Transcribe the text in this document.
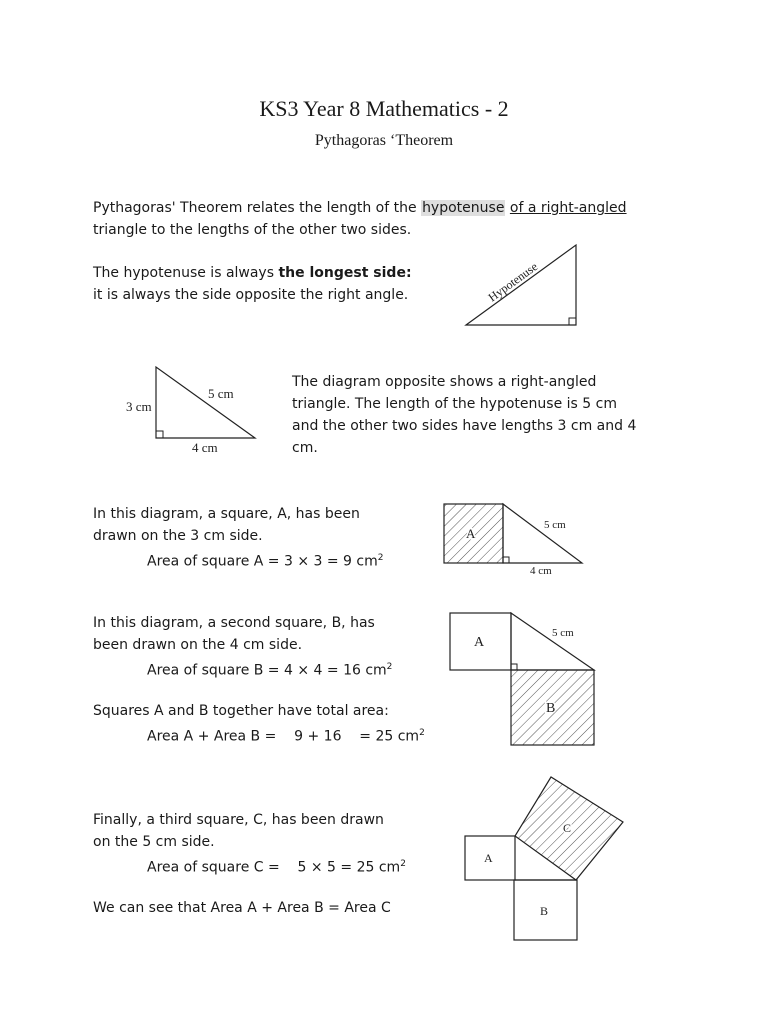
Hypotenuse
3 cm
5 cm
4 cm
A
5 cm
4 cm
A
5 cm
B
A
C
B
KS3 Year 8 Mathematics - 2
Pythagoras ‘Theorem
Pythagoras' Theorem relates the length of the hypotenuse of a right-angled
triangle to the lengths of the other two sides.
The hypotenuse is always the longest side:
it is always the side opposite the right angle.
The diagram opposite shows a right-angled
triangle. The length of the hypotenuse is 5 cm
and the other two sides have lengths 3 cm and 4
cm.
In this diagram, a square, A, has been
drawn on the 3 cm side.
Area of square A = 3 × 3 = 9 $cm^2$
In this diagram, a second square, B, has
been drawn on the 4 cm side.
Area of square B = 4 × 4 = 16 $cm^2$
Squares A and B together have total area:
Area A + Area B =    9 + 16    = 25 $cm^2$
Finally, a third square, C, has been drawn
on the 5 cm side.
Area of square C =    5 × 5 = 25 $cm^2$
We can see that Area A + Area B = Area C
